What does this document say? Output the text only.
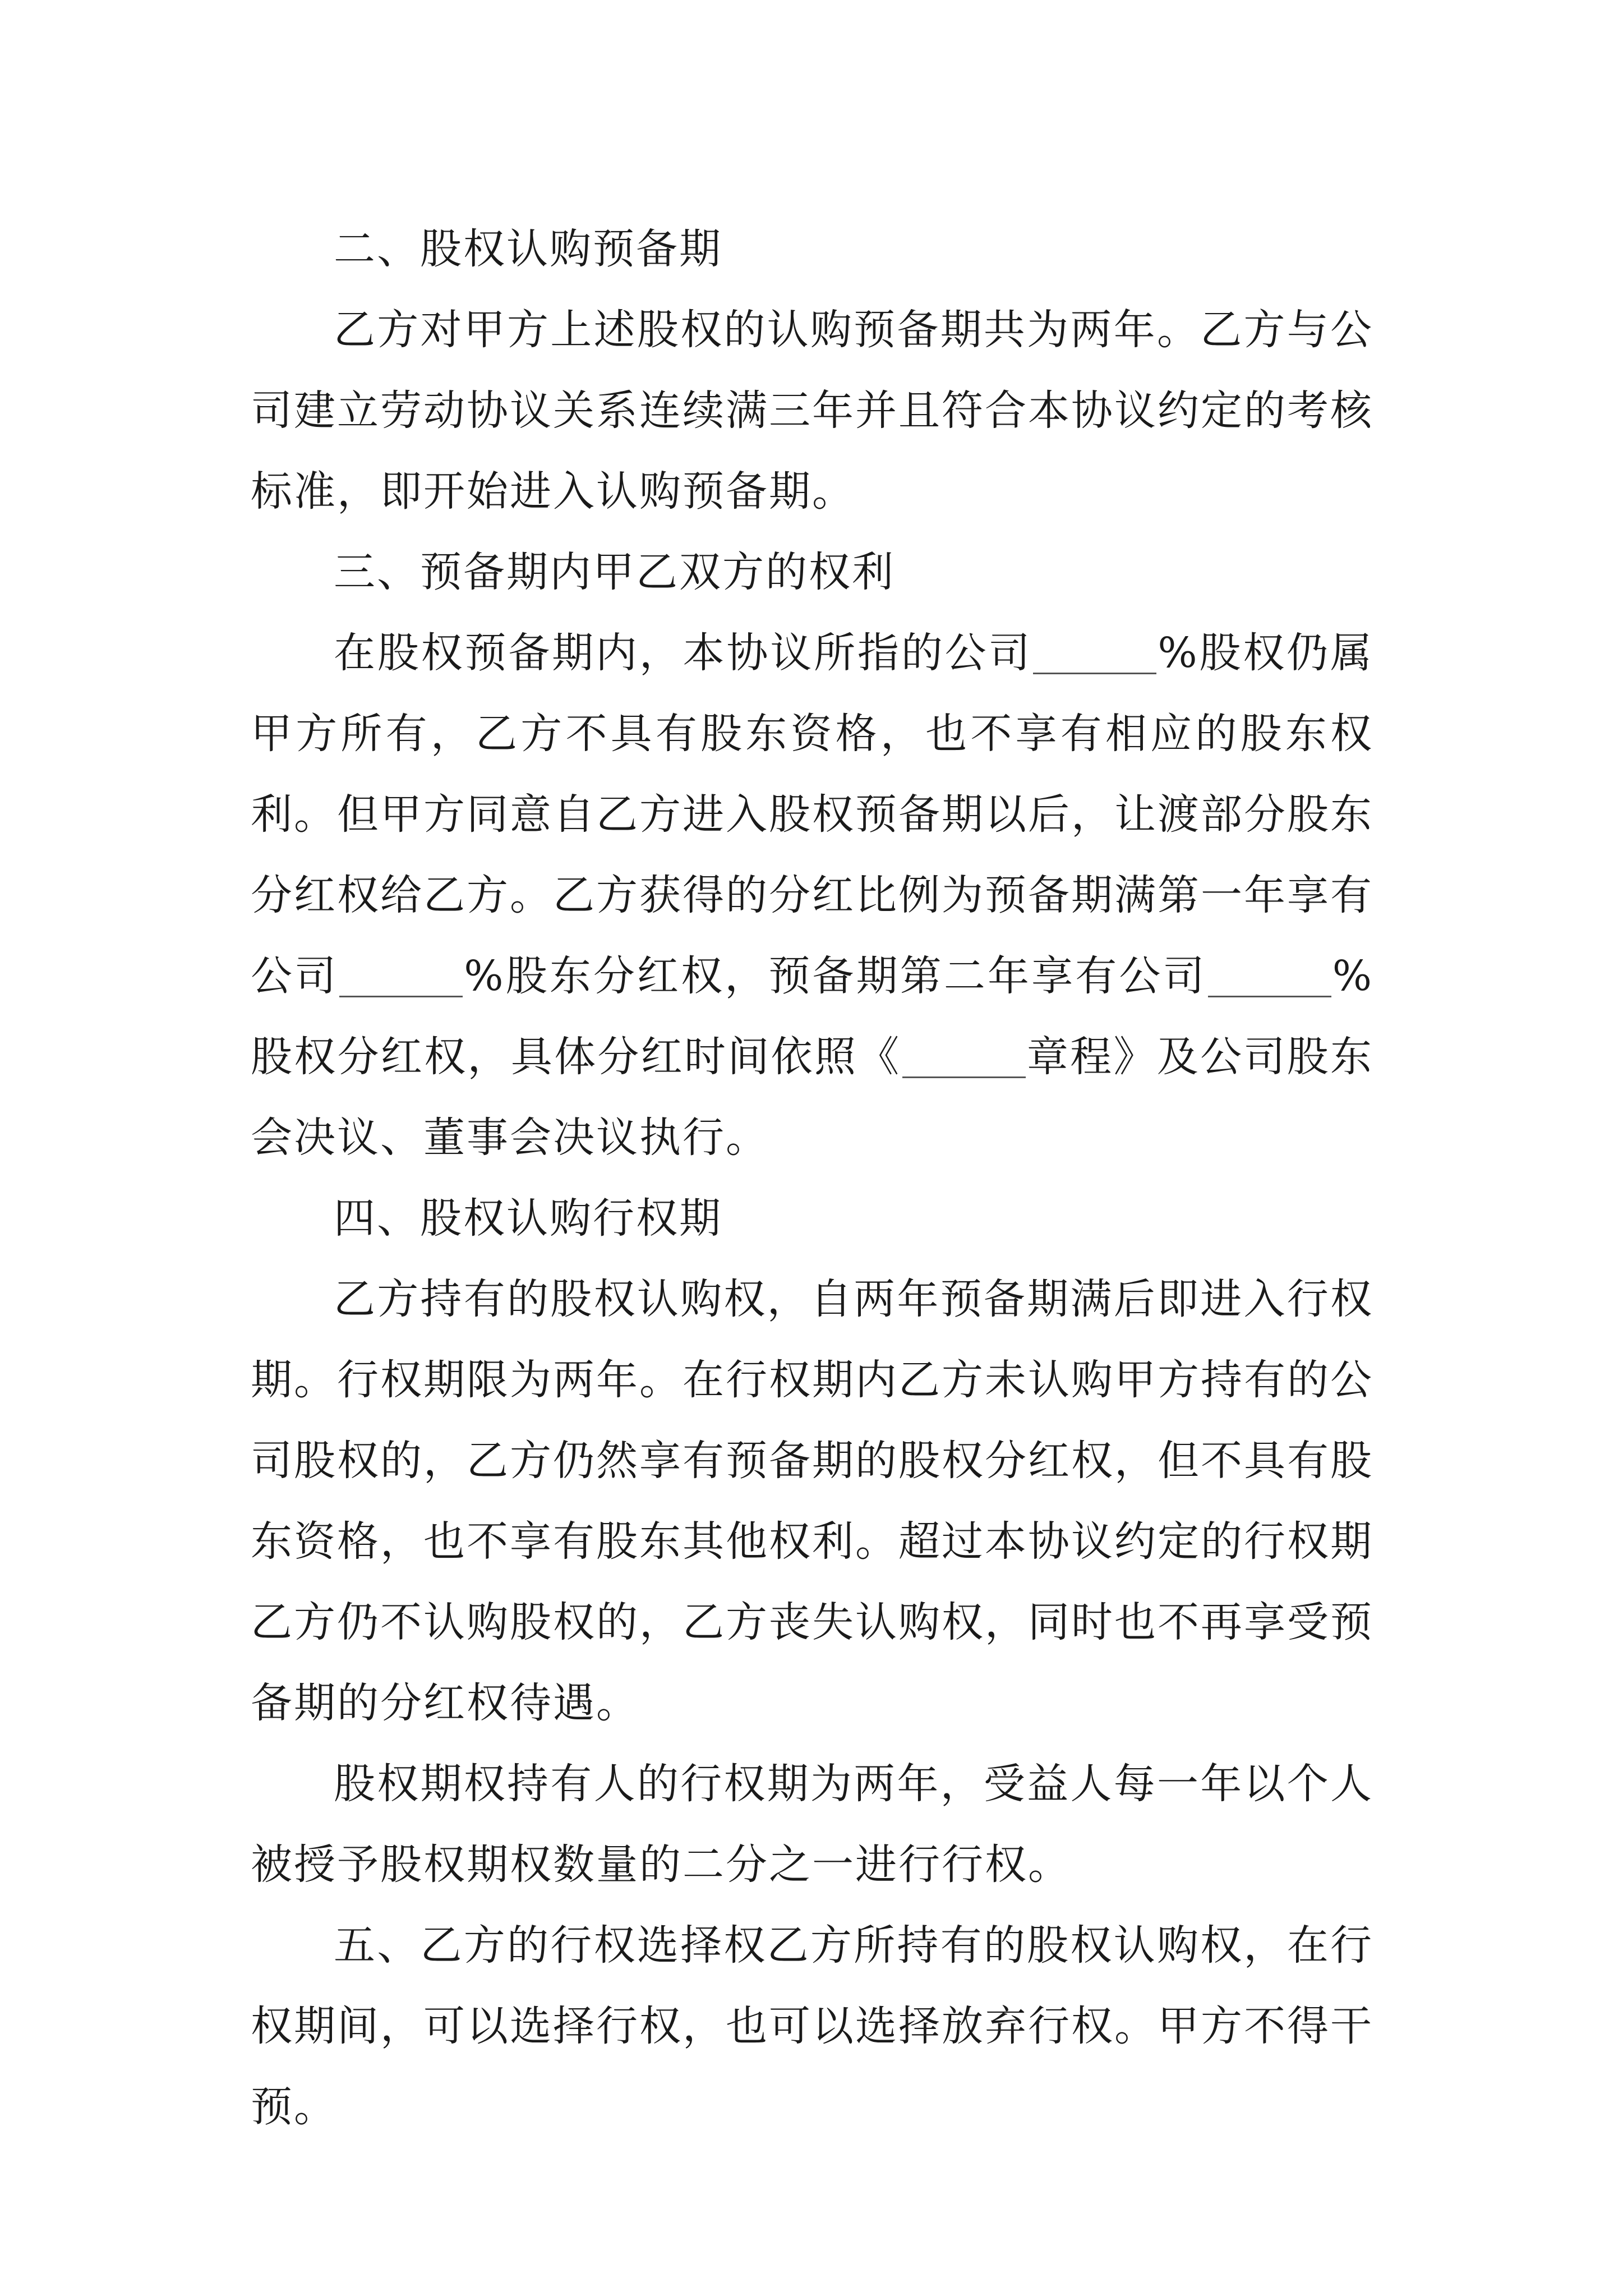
二、股权认购预备期

乙方对甲方上述股权的认购预备期共为两年。乙方与公司建立劳动协议关系连续满三年并且符合本协议约定的考核标准，即开始进入认购预备期。

三、预备期内甲乙双方的权利

在股权预备期内，本协议所指的公司	%股权仍属甲方所有，乙方不具有股东资格，也不享有相应的股东权利。但甲方同意自乙方进入股权预备期以后，让渡部分股东分红权给乙方。乙方获得的分红比例为预备期满第一年享有公司	%股东分红权，预备期第二年享有公司	%股权分红权，具体分红时间依照《	章程》及公司股东会决议、董事会决议执行。

四、股权认购行权期

乙方持有的股权认购权，自两年预备期满后即进入行权期。行权期限为两年。在行权期内乙方未认购甲方持有的公司股权的，乙方仍然享有预备期的股权分红权，但不具有股东资格，也不享有股东其他权利。超过本协议约定的行权期乙方仍不认购股权的，乙方丧失认购权，同时也不再享受预备期的分红权待遇。

股权期权持有人的行权期为两年，受益人每一年以个人被授予股权期权数量的二分之一进行行权。

五、乙方的行权选择权乙方所持有的股权认购权，在行权期间，可以选择行权，也可以选择放弃行权。甲方不得干预。
